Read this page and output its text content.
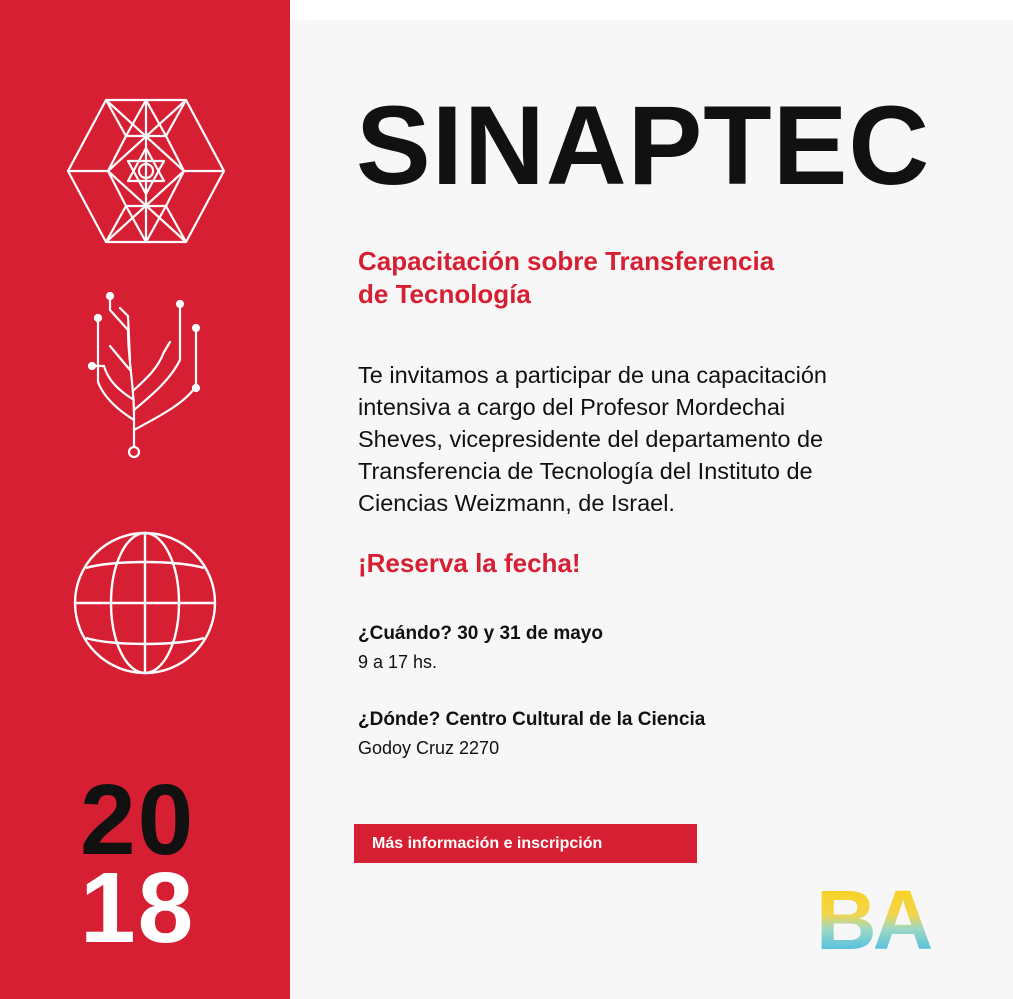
20
18
SINAPTEC

Capacitación sobre Transferencia
de Tecnología

Te invitamos a participar de una capacitación
intensiva a cargo del Profesor Mordechai
Sheves, vicepresidente del departamento de
Transferencia de Tecnología del Instituto de
Ciencias Weizmann, de Israel.

¡Reserva la fecha!

¿Cuándo? 30 y 31 de mayo
9 a 17 hs.
¿Dónde? Centro Cultural de la Ciencia
Godoy Cruz 2270
Más información e inscripción
BA
